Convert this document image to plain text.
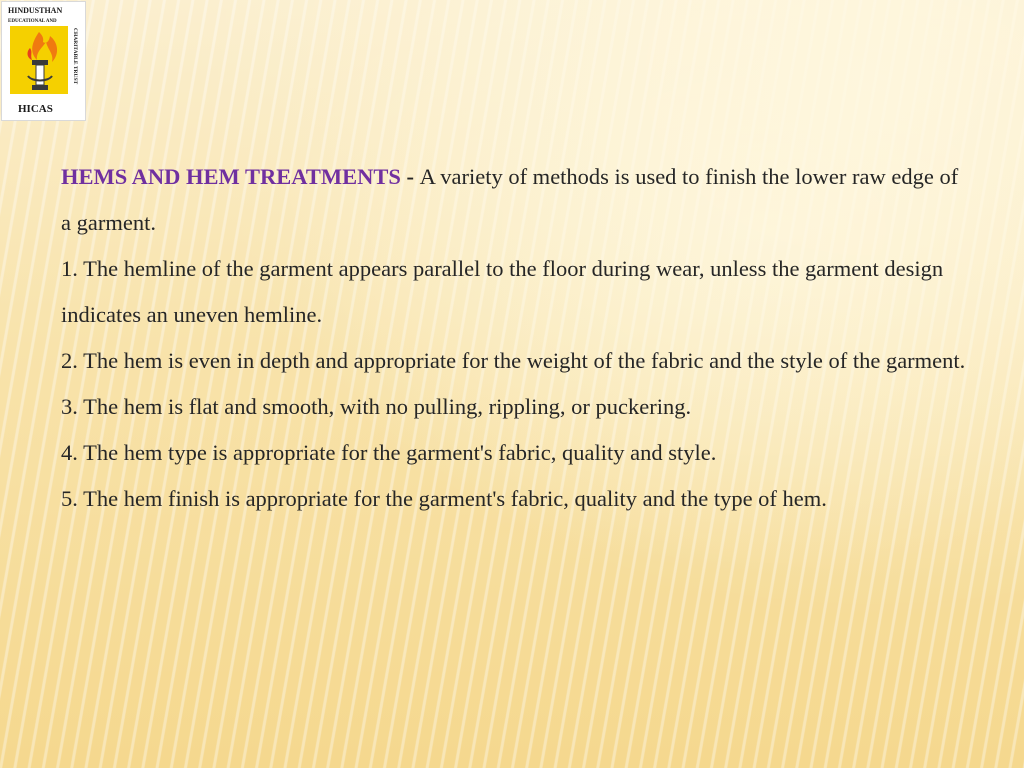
HINDUSTHAN
EDUCATIONAL AND
CHARITABLE TRUST
HICAS

HEMS AND HEM TREATMENTS - A variety of methods is used to finish the lower raw edge of a garment.

1. The hemline of the garment appears parallel to the floor during wear, unless the garment design indicates an uneven hemline.

2. The hem is even in depth and appropriate for the weight of the fabric and the style of the garment.

3. The hem is flat and smooth, with no pulling, rippling, or puckering.

4. The hem type is appropriate for the garment's fabric, quality and style.

5. The hem finish is appropriate for the garment's fabric, quality and the type of hem.
